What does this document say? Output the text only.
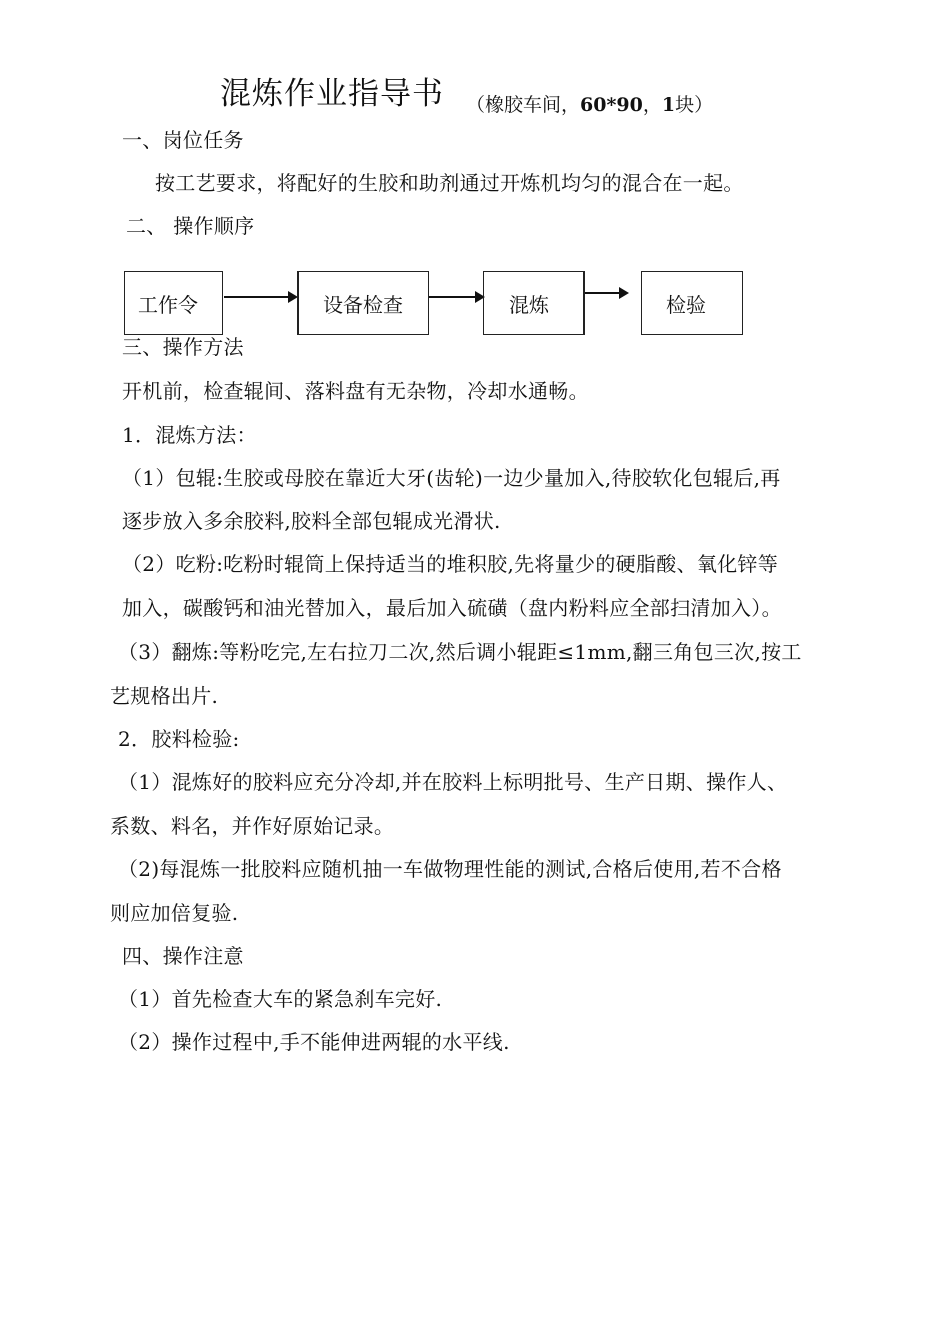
混炼作业指导书 （橡胶车间，60*90，1块）
一、岗位任务
按工艺要求，将配好的生胶和助剂通过开炼机均匀的混合在一起。
二、 操作顺序
工作令	设备检查	混炼	检验
三、操作方法
开机前，检查辊间、落料盘有无杂物，冷却水通畅。
1．混炼方法：
（1）包辊:生胶或母胶在靠近大牙(齿轮)一边少量加入,待胶软化包辊后,再
逐步放入多余胶料,胶料全部包辊成光滑状.
（2）吃粉:吃粉时辊筒上保持适当的堆积胶,先将量少的硬脂酸、氧化锌等
加入，碳酸钙和油光替加入，最后加入硫磺（盘内粉料应全部扫清加入）。
（3）翻炼:等粉吃完,左右拉刀二次,然后调小辊距≤1mm,翻三角包三次,按工
艺规格出片.
2．胶料检验:
（1）混炼好的胶料应充分冷却,并在胶料上标明批号、生产日期、操作人、
系数、料名，并作好原始记录。
（2)每混炼一批胶料应随机抽一车做物理性能的测试,合格后使用,若不合格
则应加倍复验.
四、操作注意
（1）首先检查大车的紧急刹车完好.
（2）操作过程中,手不能伸进两辊的水平线.
